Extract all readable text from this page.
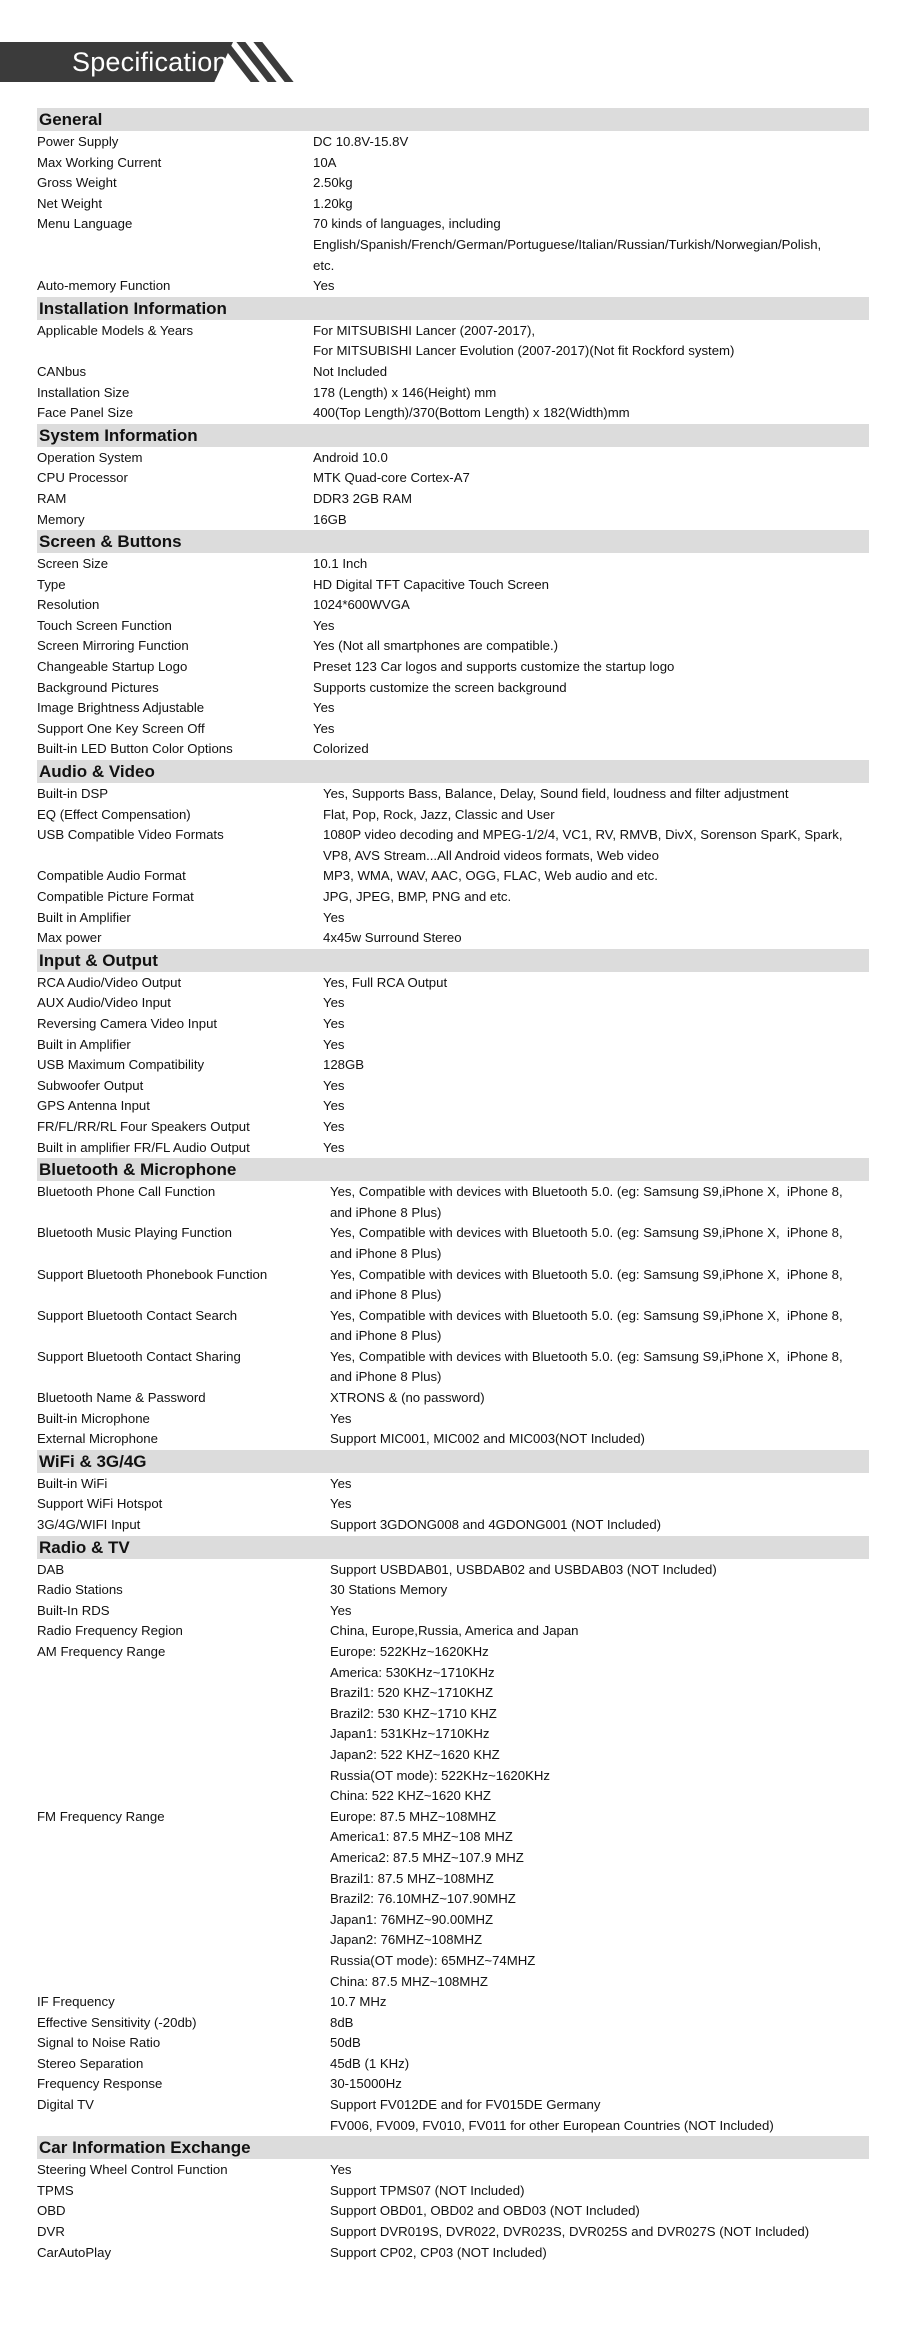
Specification
General
Power Supply	DC 10.8V-15.8V
Max Working Current	10A
Gross Weight	2.50kg
Net Weight	1.20kg
Menu Language	70 kinds of languages, including
English/Spanish/French/German/Portuguese/Italian/Russian/Turkish/Norwegian/Polish,
etc.
Auto-memory Function	Yes
Installation Information
Applicable Models & Years	For MITSUBISHI Lancer (2007-2017),
For MITSUBISHI Lancer Evolution (2007-2017)(Not fit Rockford system)
CANbus	Not Included
Installation Size	178 (Length) x 146(Height) mm
Face Panel Size	400(Top Length)/370(Bottom Length) x 182(Width)mm
System Information
Operation System	Android 10.0
CPU Processor	MTK Quad-core Cortex-A7
RAM	DDR3 2GB RAM
Memory	16GB
Screen & Buttons
Screen Size	10.1 Inch
Type	HD Digital TFT Capacitive Touch Screen
Resolution	1024*600WVGA
Touch Screen Function	Yes
Screen Mirroring Function	Yes (Not all smartphones are compatible.)
Changeable Startup Logo	Preset 123 Car logos and supports customize the startup logo
Background Pictures	Supports customize the screen background
Image Brightness Adjustable	Yes
Support One Key Screen Off	Yes
Built-in LED Button Color Options	Colorized
Audio & Video
Built-in DSP	Yes, Supports Bass, Balance, Delay, Sound field, loudness and filter adjustment
EQ (Effect Compensation)	Flat, Pop, Rock, Jazz, Classic and User
USB Compatible Video Formats	1080P video decoding and MPEG-1/2/4, VC1, RV, RMVB, DivX, Sorenson SparK, Spark,
VP8, AVS Stream...All Android videos formats, Web video
Compatible Audio Format	MP3, WMA, WAV, AAC, OGG, FLAC, Web audio and etc.
Compatible Picture Format	JPG, JPEG, BMP, PNG and etc.
Built in Amplifier	Yes
Max power	4x45w Surround Stereo
Input & Output
RCA Audio/Video Output	Yes, Full RCA Output
AUX Audio/Video Input	Yes
Reversing Camera Video Input	Yes
Built in Amplifier	Yes
USB Maximum Compatibility	128GB
Subwoofer Output	Yes
GPS Antenna Input	Yes
FR/FL/RR/RL Four Speakers Output	Yes
Built in amplifier FR/FL Audio Output	Yes
Bluetooth & Microphone
Bluetooth Phone Call Function	Yes, Compatible with devices with Bluetooth 5.0. (eg: Samsung S9,iPhone X,  iPhone 8,
and iPhone 8 Plus)
Bluetooth Music Playing Function	Yes, Compatible with devices with Bluetooth 5.0. (eg: Samsung S9,iPhone X,  iPhone 8,
and iPhone 8 Plus)
Support Bluetooth Phonebook Function	Yes, Compatible with devices with Bluetooth 5.0. (eg: Samsung S9,iPhone X,  iPhone 8,
and iPhone 8 Plus)
Support Bluetooth Contact Search	Yes, Compatible with devices with Bluetooth 5.0. (eg: Samsung S9,iPhone X,  iPhone 8,
and iPhone 8 Plus)
Support Bluetooth Contact Sharing	Yes, Compatible with devices with Bluetooth 5.0. (eg: Samsung S9,iPhone X,  iPhone 8,
and iPhone 8 Plus)
Bluetooth Name & Password	XTRONS & (no password)
Built-in Microphone	Yes
External Microphone	Support MIC001, MIC002 and MIC003(NOT Included)
WiFi & 3G/4G
Built-in WiFi	Yes
Support WiFi Hotspot	Yes
3G/4G/WIFI Input	Support 3GDONG008 and 4GDONG001 (NOT Included)
Radio & TV
DAB	Support USBDAB01, USBDAB02 and USBDAB03 (NOT Included)
Radio Stations	30 Stations Memory
Built-In RDS	Yes
Radio Frequency Region	China, Europe,Russia, America and Japan
AM Frequency Range	Europe: 522KHz~1620KHz
America: 530KHz~1710KHz
Brazil1: 520 KHZ~1710KHZ
Brazil2: 530 KHZ~1710 KHZ
Japan1: 531KHz~1710KHz
Japan2: 522 KHZ~1620 KHZ
Russia(OT mode): 522KHz~1620KHz
China: 522 KHZ~1620 KHZ
FM Frequency Range	Europe: 87.5 MHZ~108MHZ
America1: 87.5 MHZ~108 MHZ
America2: 87.5 MHZ~107.9 MHZ
Brazil1: 87.5 MHZ~108MHZ
Brazil2: 76.10MHZ~107.90MHZ
Japan1: 76MHZ~90.00MHZ
Japan2: 76MHZ~108MHZ
Russia(OT mode): 65MHZ~74MHZ
China: 87.5 MHZ~108MHZ
IF Frequency	10.7 MHz
Effective Sensitivity (-20db)	8dB
Signal to Noise Ratio	50dB
Stereo Separation	45dB (1 KHz)
Frequency Response	30-15000Hz
Digital TV	Support FV012DE and for FV015DE Germany
FV006, FV009, FV010, FV011 for other European Countries (NOT Included)
Car Information Exchange
Steering Wheel Control Function	Yes
TPMS	Support TPMS07 (NOT Included)
OBD	Support OBD01, OBD02 and OBD03 (NOT Included)
DVR	Support DVR019S, DVR022, DVR023S, DVR025S and DVR027S (NOT Included)
CarAutoPlay	Support CP02, CP03 (NOT Included)
